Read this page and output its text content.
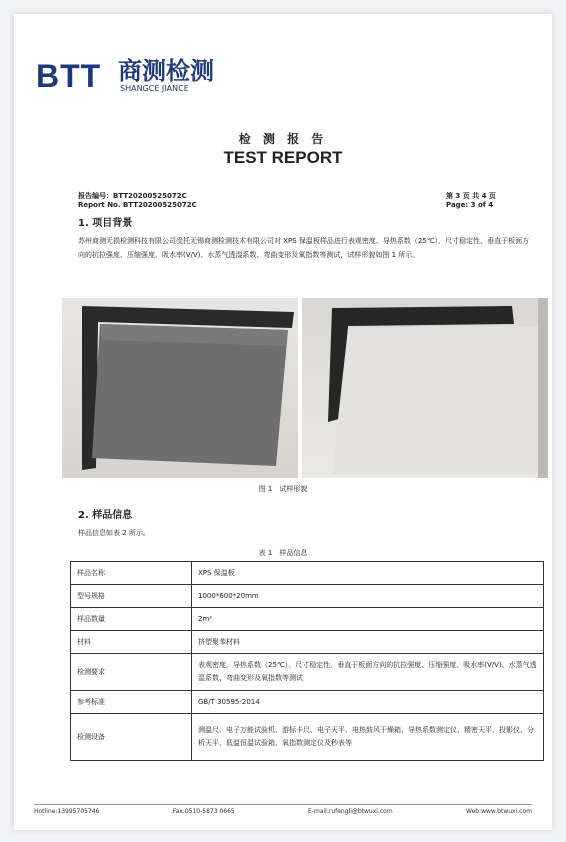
BTT 商测检测
SHANGCE JIANCE
检 测 报 告
TEST REPORT
报告编号：BTT20200525072C
Report No. BTT20200525072C
第 3 页 共 4 页
Page: 3 of 4
1. 项目背景
苏州商测无损检测科技有限公司受托无锡商测检测技术有限公司对 XPS 保温板样品进行表观密度、导热系数（25℃）、尺寸稳定性、垂直于板面方向的抗拉强度、压缩强度、吸水率(V/V)、水蒸气透湿系数、弯曲变形及氧指数等测试，试样形貌如图 1 所示。
图 1　试样形貌
2. 样品信息
样品信息如表 2 所示。
表 1　样品信息
样品名称	XPS 保温板
型号规格	1000*600*20mm
样品数量	2m²
材料	挤塑聚苯材料
检测要求	表观密度、导热系数（25℃）、尺寸稳定性、垂直于板面方向的抗拉强度、压缩强度、吸水率(V/V)、水蒸气透湿系数、弯曲变形及氧指数等测试
参考标准	GB/T 30595-2014
检测设备	测温尺、电子万能试验机、游标卡尺、电子天平、电热鼓风干燥箱、导热系数测定仪、精密天平、投影仪、分析天平、低温恒温试验箱、氧指数测定仪及秒表等
Hotline:13995705746	Fax:0510-5873 0665	E-mail:rufengli@btwuxi.com	Web:www.btwuxi.com
